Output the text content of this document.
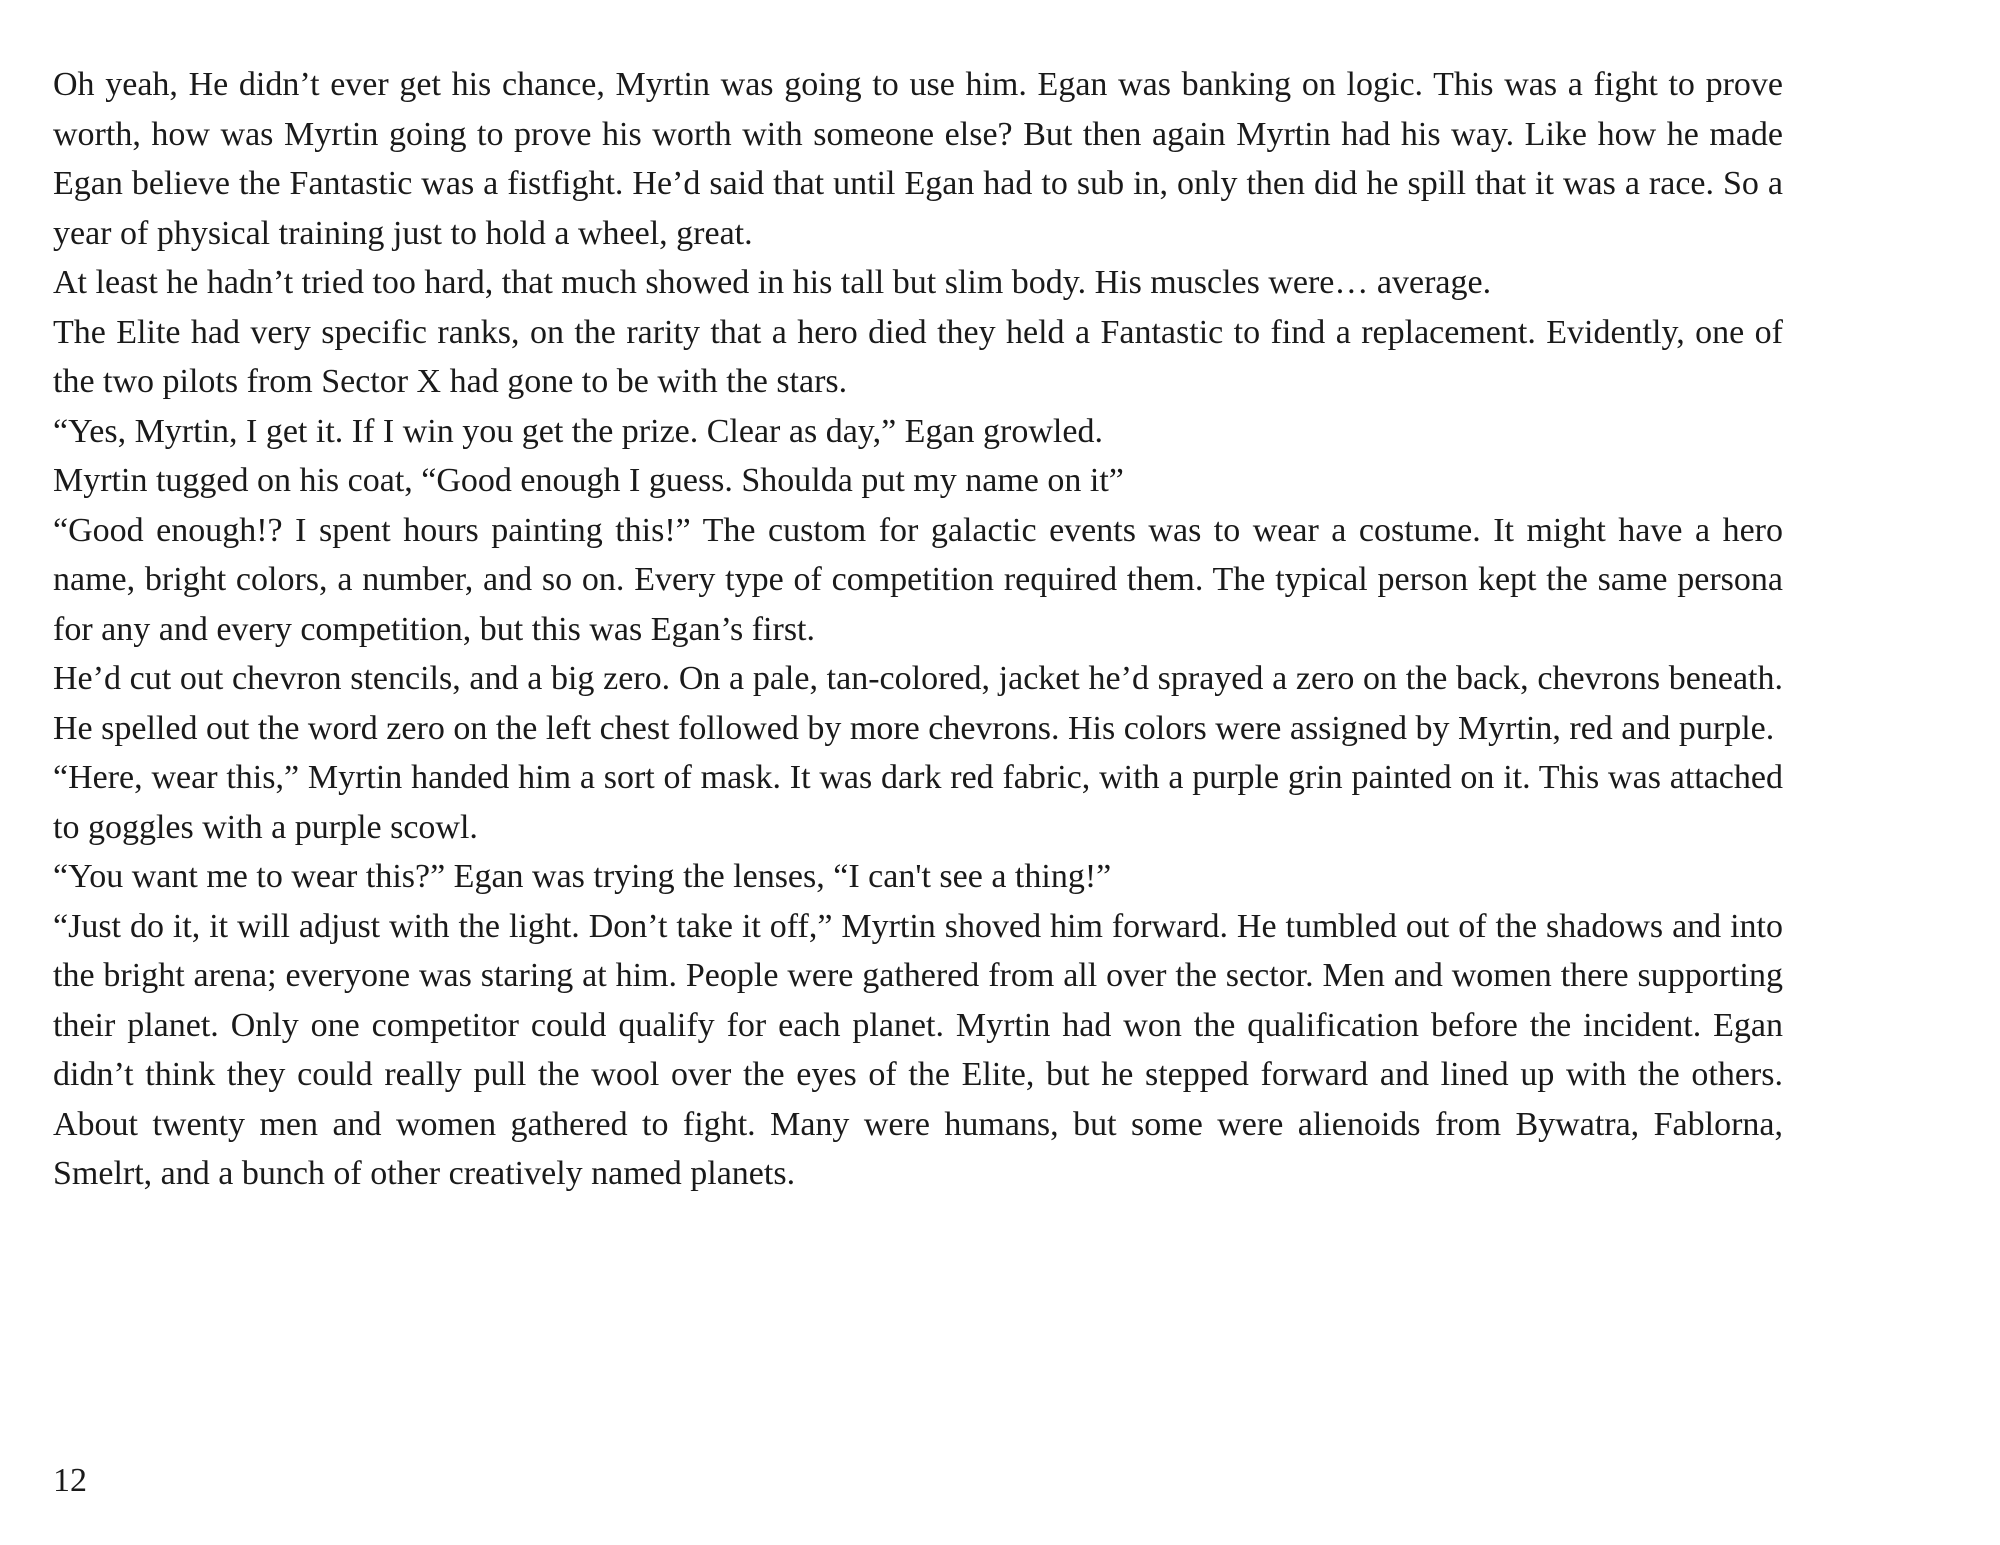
Oh yeah, He didn’t ever get his chance, Myrtin was going to use him. Egan was banking on logic. This was a fight to prove worth, how was Myrtin going to prove his worth with someone else? But then again Myrtin had his way. Like how he made Egan believe the Fantastic was a fistfight. He’d said that until Egan had to sub in, only then did he spill that it was a race. So a year of physical training just to hold a wheel, great.

At least he hadn’t tried too hard, that much showed in his tall but slim body. His muscles were… average.

The Elite had very specific ranks, on the rarity that a hero died they held a Fantastic to find a replacement. Evidently, one of the two pilots from Sector X had gone to be with the stars.

“Yes, Myrtin, I get it. If I win you get the prize. Clear as day,” Egan growled.

Myrtin tugged on his coat, “Good enough I guess. Shoulda put my name on it”

“Good enough!? I spent hours painting this!” The custom for galactic events was to wear a costume. It might have a hero name, bright colors, a number, and so on. Every type of competition required them. The typical person kept the same persona for any and every competition, but this was Egan’s first.

He’d cut out chevron stencils, and a big zero. On a pale, tan-colored, jacket he’d sprayed a zero on the back, chevrons beneath. He spelled out the word zero on the left chest followed by more chevrons. His colors were assigned by Myrtin, red and purple.

“Here, wear this,” Myrtin handed him a sort of mask. It was dark red fabric, with a purple grin painted on it. This was attached to goggles with a purple scowl.

“You want me to wear this?” Egan was trying the lenses, “I can't see a thing!”

“Just do it, it will adjust with the light. Don’t take it off,” Myrtin shoved him forward. He tumbled out of the shadows and into the bright arena; everyone was staring at him. People were gathered from all over the sector. Men and women there supporting their planet. Only one competitor could qualify for each planet. Myrtin had won the qualification before the incident. Egan didn’t think they could really pull the wool over the eyes of the Elite, but he stepped forward and lined up with the others. About twenty men and women gathered to fight. Many were humans, but some were alienoids from Bywatra, Fablorna, Smelrt, and a bunch of other creatively named planets.

12
